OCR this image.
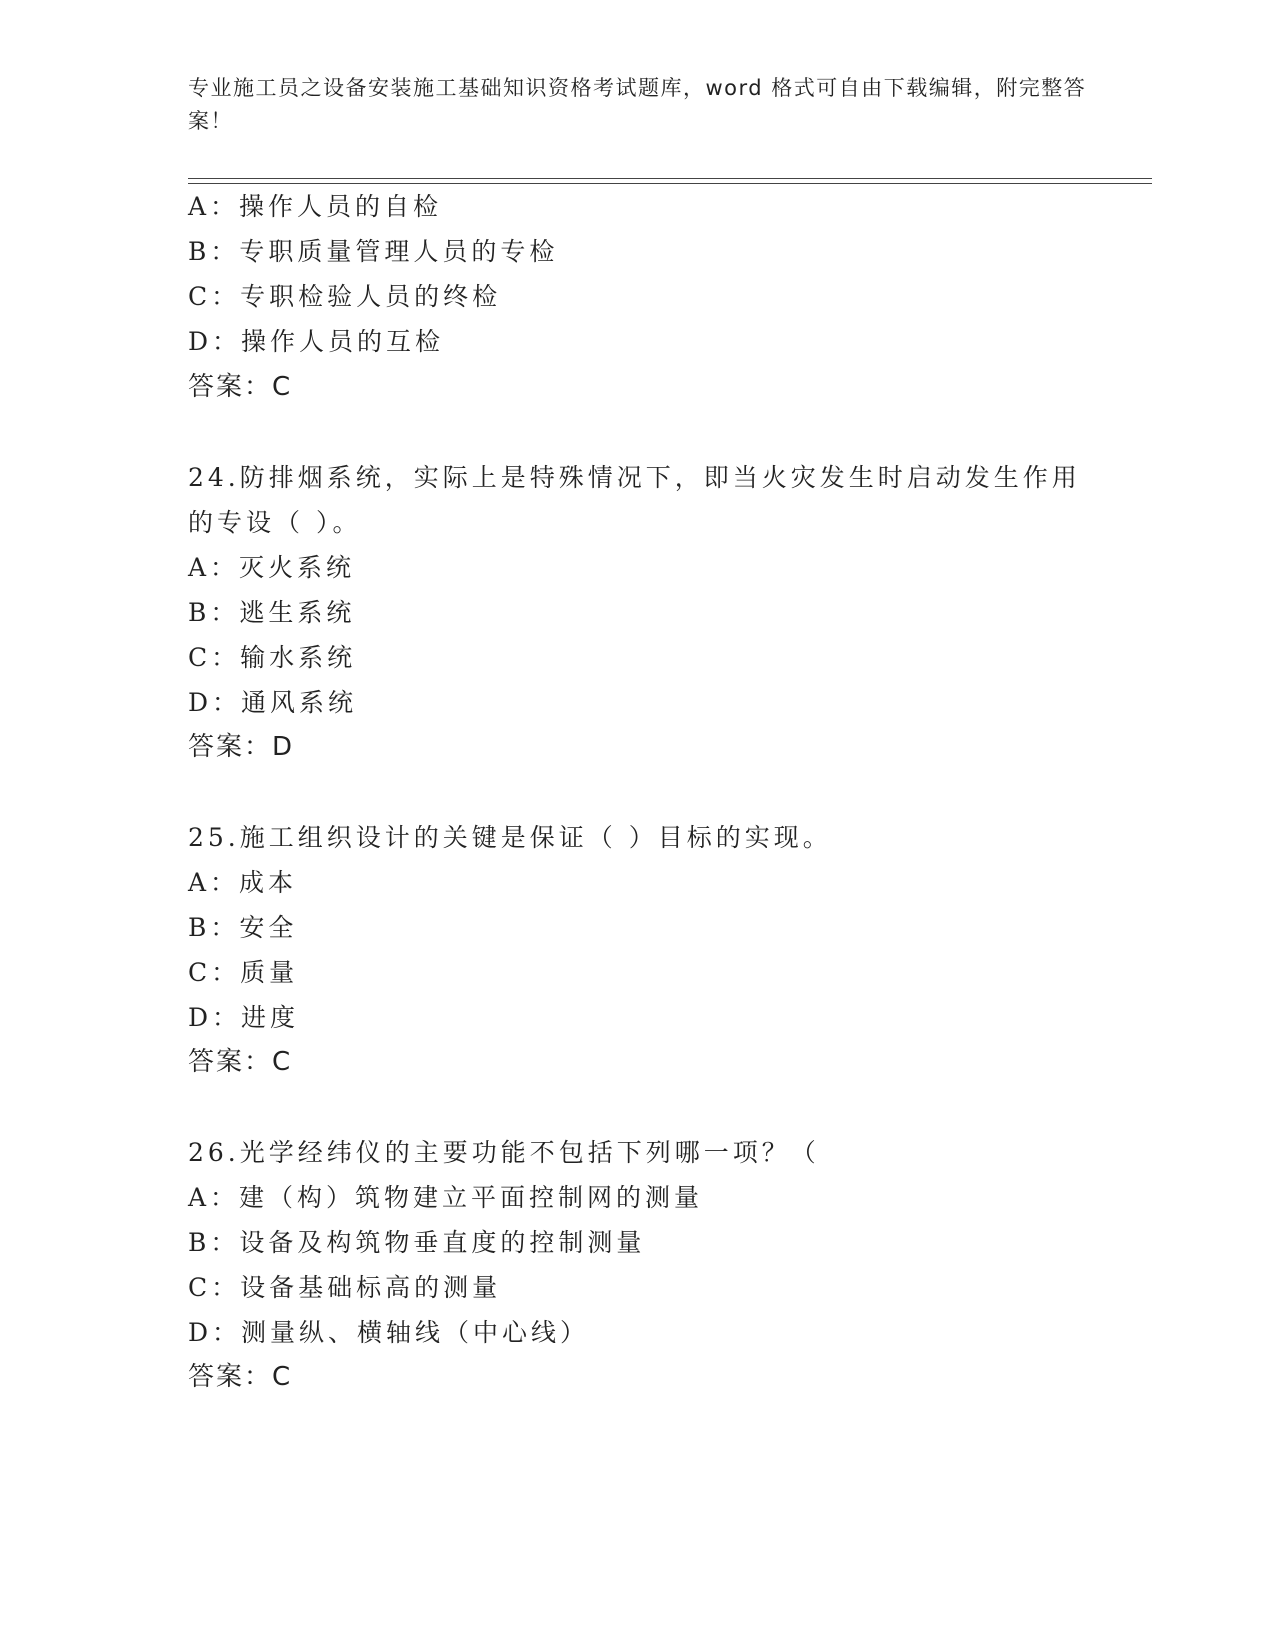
专业施工员之设备安装施工基础知识资格考试题库，word 格式可自由下载编辑，附完整答案！
A：操作人员的自检
B：专职质量管理人员的专检
C：专职检验人员的终检
D：操作人员的互检
答案：C
24.防排烟系统，实际上是特殊情况下，即当火灾发生时启动发生作用
的专设（ ）。
A：灭火系统
B：逃生系统
C：输水系统
D：通风系统
答案：D
25.施工组织设计的关键是保证（ ）目标的实现。
A：成本
B：安全
C：质量
D：进度
答案：C
26.光学经纬仪的主要功能不包括下列哪一项？（
A：建（构）筑物建立平面控制网的测量
B：设备及构筑物垂直度的控制测量
C：设备基础标高的测量
D：测量纵、横轴线（中心线）
答案：C
